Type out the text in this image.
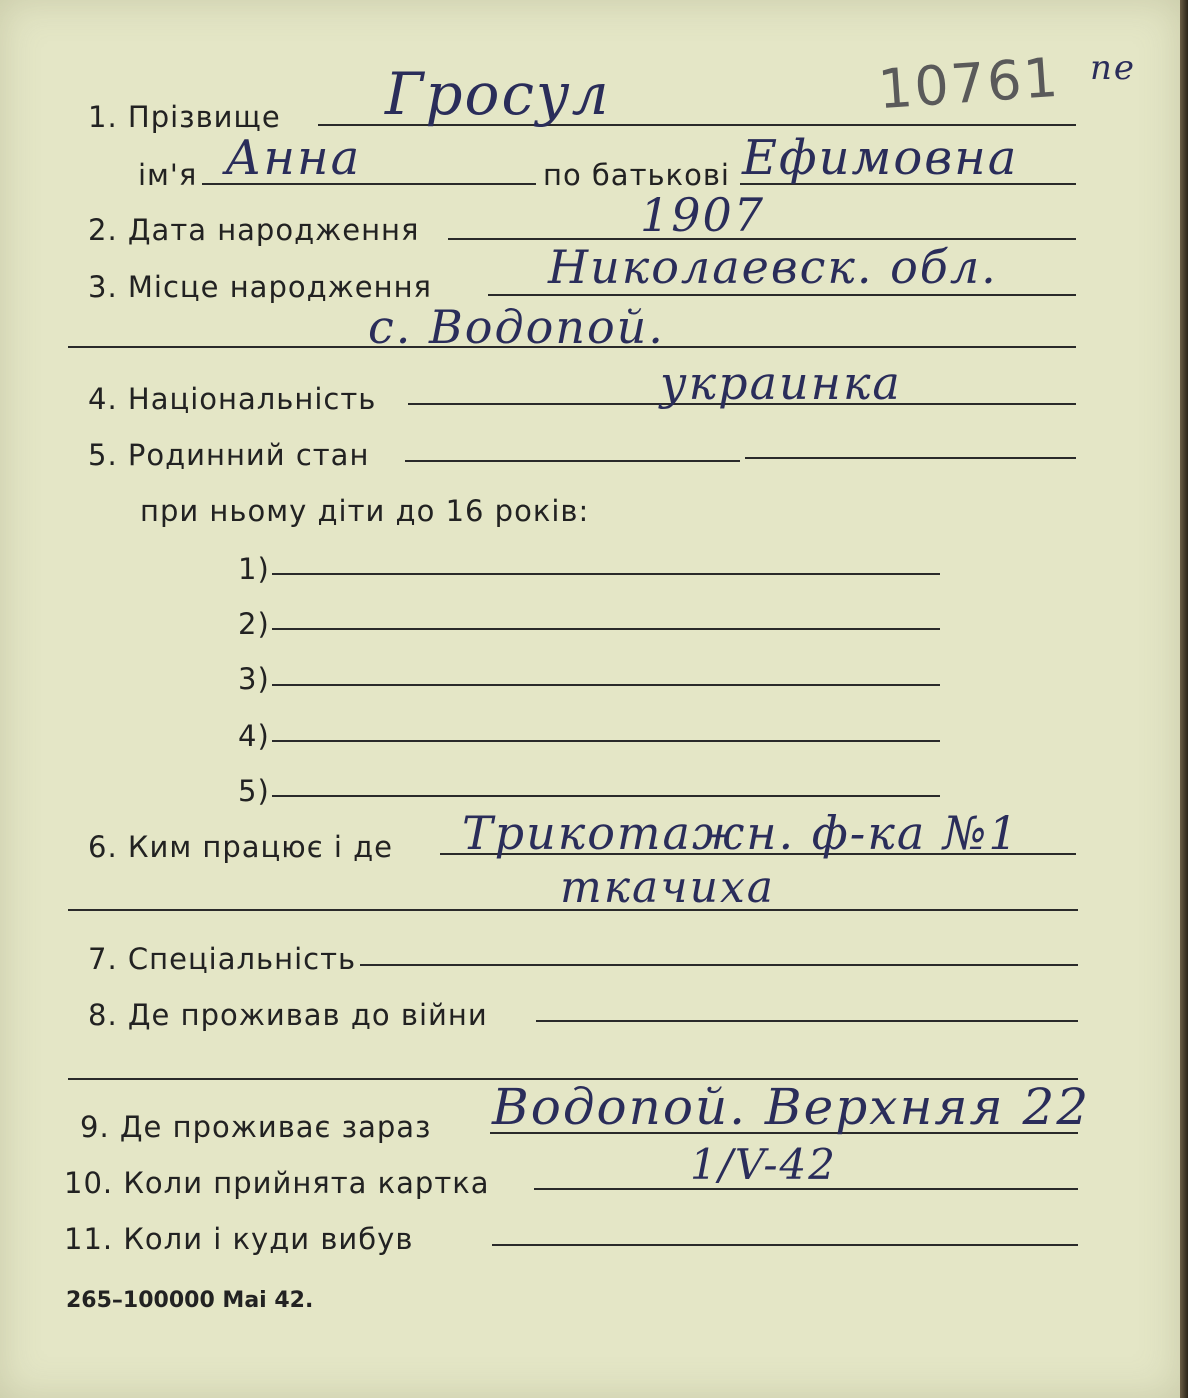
10761 пе
1. Прізвище Гросул
ім'я Анна	по батькові Ефимовна
2. Дата народження	1907
3. Місце народження	Николаевск. обл.
с. Водопой.
4. Національність	украинка
5. Родинний стан
при ньому діти до 16 років:
1)
2)
3)
4)
5)
6. Ким працює і де Трикотажн. ф-ка №1
ткачиха
7. Спеціальність
8. Де проживав до війни
9. Де проживає зараз Водопой. Верхняя 22
10. Коли прийнята картка	1/V-42
11. Коли і куди вибув
265–100000 Маі 42.
